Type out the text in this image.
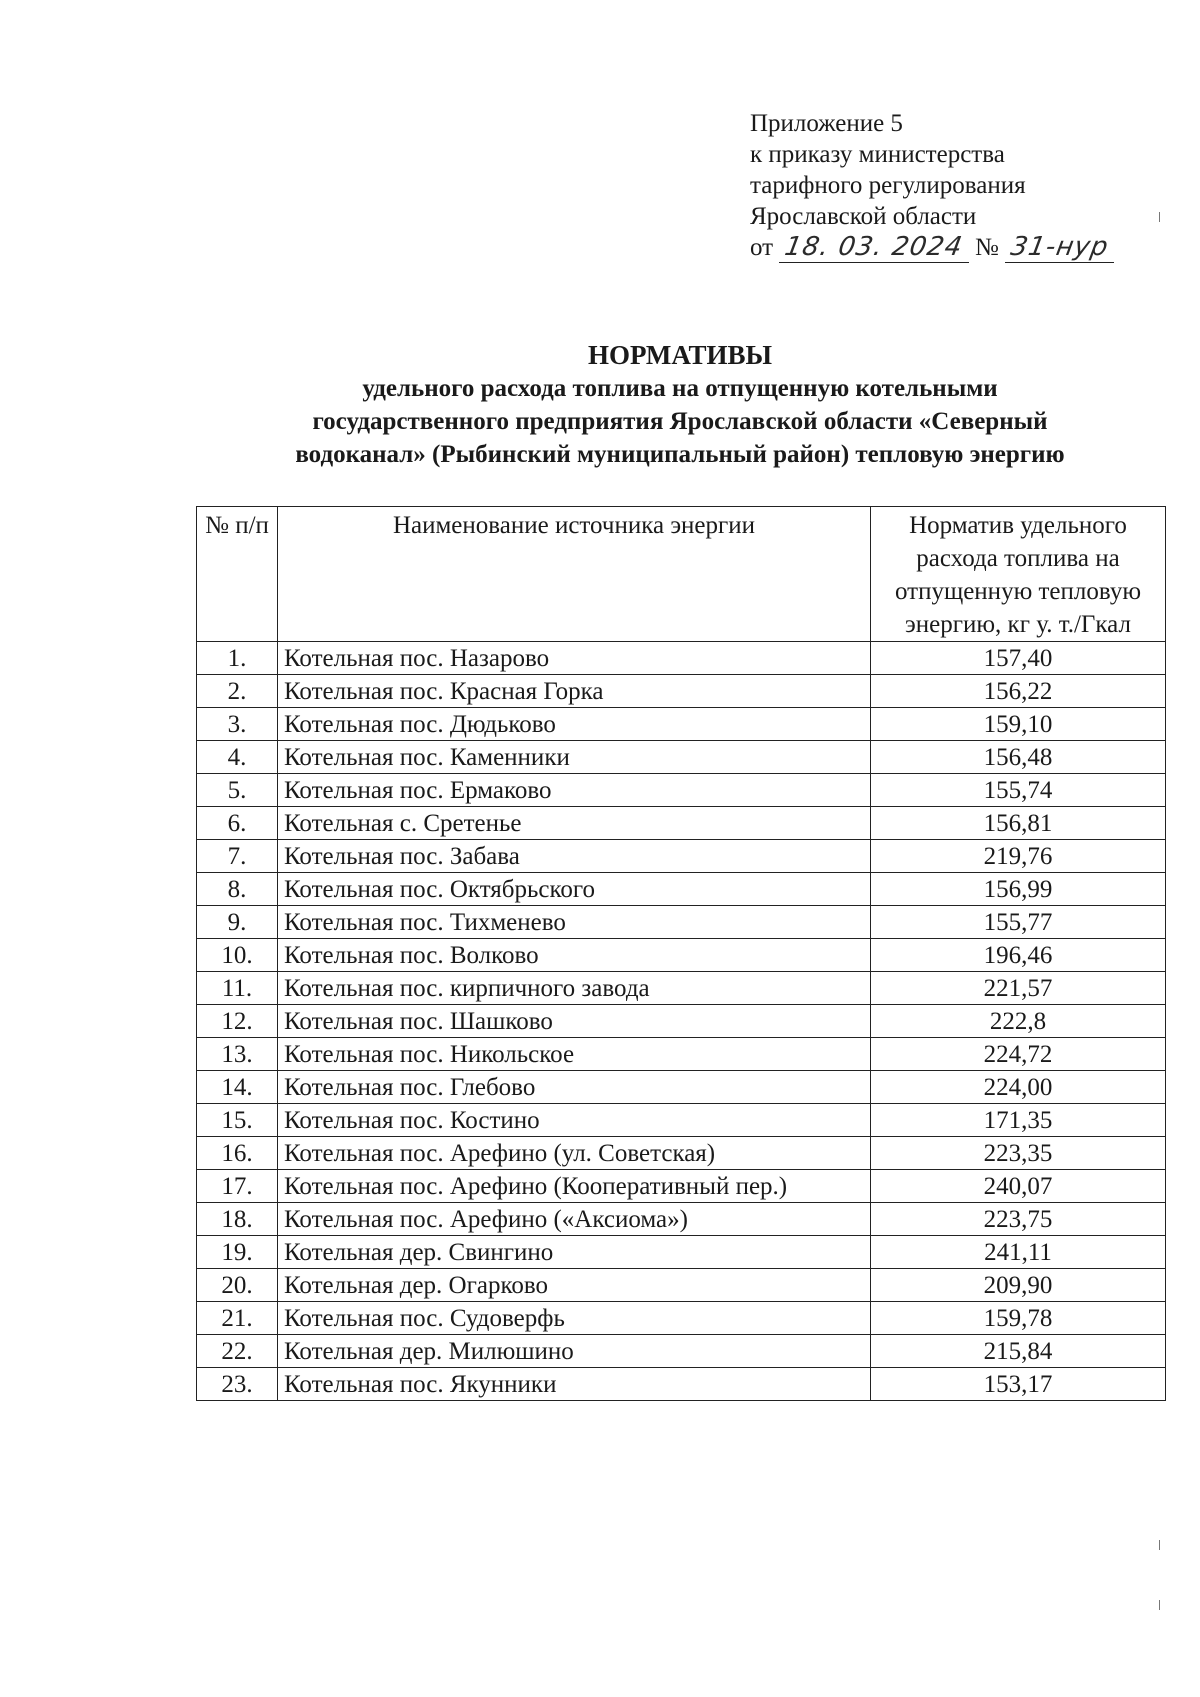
Приложение 5
к приказу министерства
тарифного регулирования
Ярославской области
от 18. 03. 2024 № 31-нур
НОРМАТИВЫ
удельного расхода топлива на отпущенную котельными
государственного предприятия Ярославской области «Северный
водоканал» (Рыбинский муниципальный район) тепловую энергию
№ п/п	Наименование источника энергии	Норматив удельного расхода топлива на отпущенную тепловую энергию, кг у. т./Гкал
1.	Котельная пос. Назарово	157,40
2.	Котельная пос. Красная Горка	156,22
3.	Котельная пос. Дюдьково	159,10
4.	Котельная пос. Каменники	156,48
5.	Котельная пос. Ермаково	155,74
6.	Котельная с. Сретенье	156,81
7.	Котельная пос. Забава	219,76
8.	Котельная пос. Октябрьского	156,99
9.	Котельная пос. Тихменево	155,77
10.	Котельная пос. Волково	196,46
11.	Котельная пос. кирпичного завода	221,57
12.	Котельная пос. Шашково	222,8
13.	Котельная пос. Никольское	224,72
14.	Котельная пос. Глебово	224,00
15.	Котельная пос. Костино	171,35
16.	Котельная пос. Арефино (ул. Советская)	223,35
17.	Котельная пос. Арефино (Кооперативный пер.)	240,07
18.	Котельная пос. Арефино («Аксиома»)	223,75
19.	Котельная дер. Свингино	241,11
20.	Котельная дер. Огарково	209,90
21.	Котельная пос. Судоверфь	159,78
22.	Котельная дер. Милюшино	215,84
23.	Котельная пос. Якунники	153,17
